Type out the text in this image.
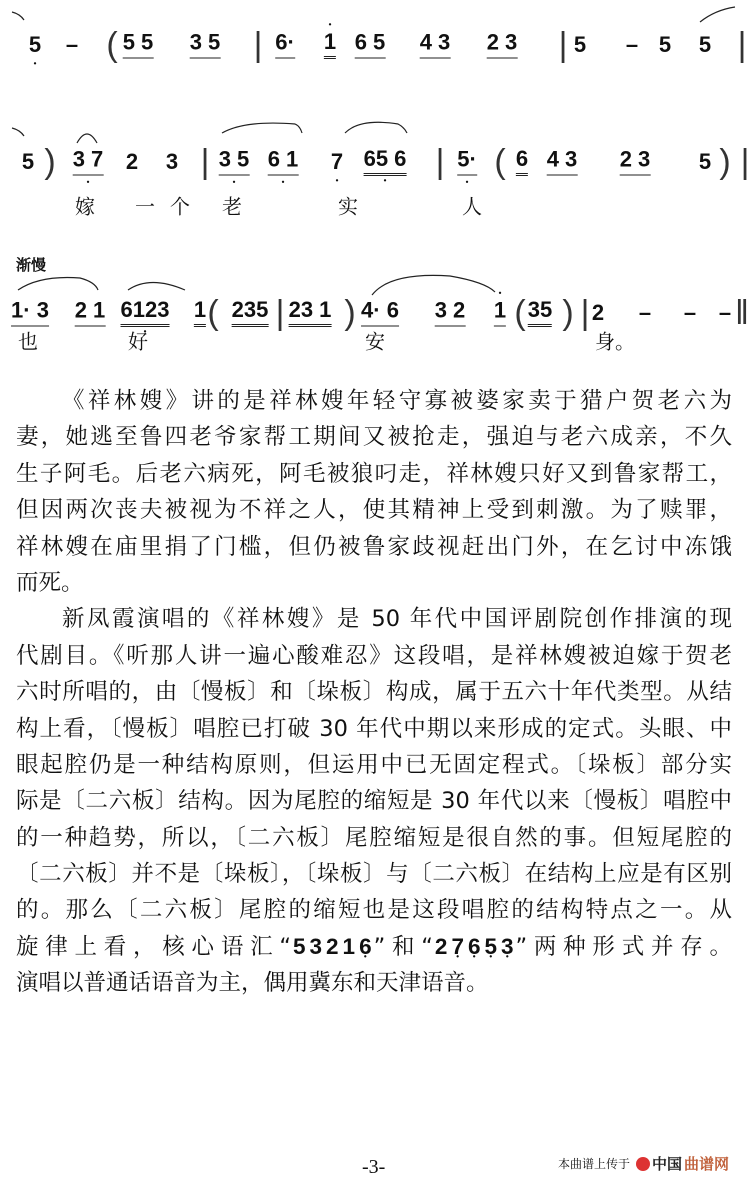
5 • – ( 5 5 3 5 | 6· • 1 6 5 4 3 2 3 | 5 – 5 5 |
5 ) 3 7 • 2 3 | 3 5 • 6 1 • 7 • 65 6 • | 5· • ( 6 4 3 2 3 5 ) |
嫁 一 个 老	实	人
1· 3 2 1 6123 • 1 ( 235 | 23 1 ) 4· 6 3 2 • 1 ( 35 ) | 2 – – – ‖
也	好	安	身。
渐慢
《祥林嫂》讲的是祥林嫂年轻守寡被婆家卖于猎户贺老六为
妻，她逃至鲁四老爷家帮工期间又被抢走，强迫与老六成亲，不久
生子阿毛。后老六病死，阿毛被狼叼走，祥林嫂只好又到鲁家帮工，
但因两次丧夫被视为不祥之人，使其精神上受到刺激。为了赎罪，
祥林嫂在庙里捐了门槛，但仍被鲁家歧视赶出门外，在乞讨中冻饿
而死。
新凤霞演唱的《祥林嫂》是 50 年代中国评剧院创作排演的现
代剧目。《听那人讲一遍心酸难忍》这段唱，是祥林嫂被迫嫁于贺老
六时所唱的，由〔慢板〕和〔垛板〕构成，属于五六十年代类型。从结
构上看，〔慢板〕唱腔已打破 30 年代中期以来形成的定式。头眼、中
眼起腔仍是一种结构原则，但运用中已无固定程式。〔垛板〕部分实
际是〔二六板〕结构。因为尾腔的缩短是 30 年代以来〔慢板〕唱腔中
的一种趋势，所以，〔二六板〕尾腔缩短是很自然的事。但短尾腔的
〔二六板〕并不是〔垛板〕，〔垛板〕与〔二六板〕在结构上应是有区别
的。那么〔二六板〕尾腔的缩短也是这段唱腔的结构特点之一。从
旋律上看，核心语汇“5 3 2 1 6 •”和“2 7 • 6 • 5 • 3 •”两种形式并存。
演唱以普通话语音为主，偶用冀东和天津语音。
-3-	本曲谱上传于 中国 曲谱网
